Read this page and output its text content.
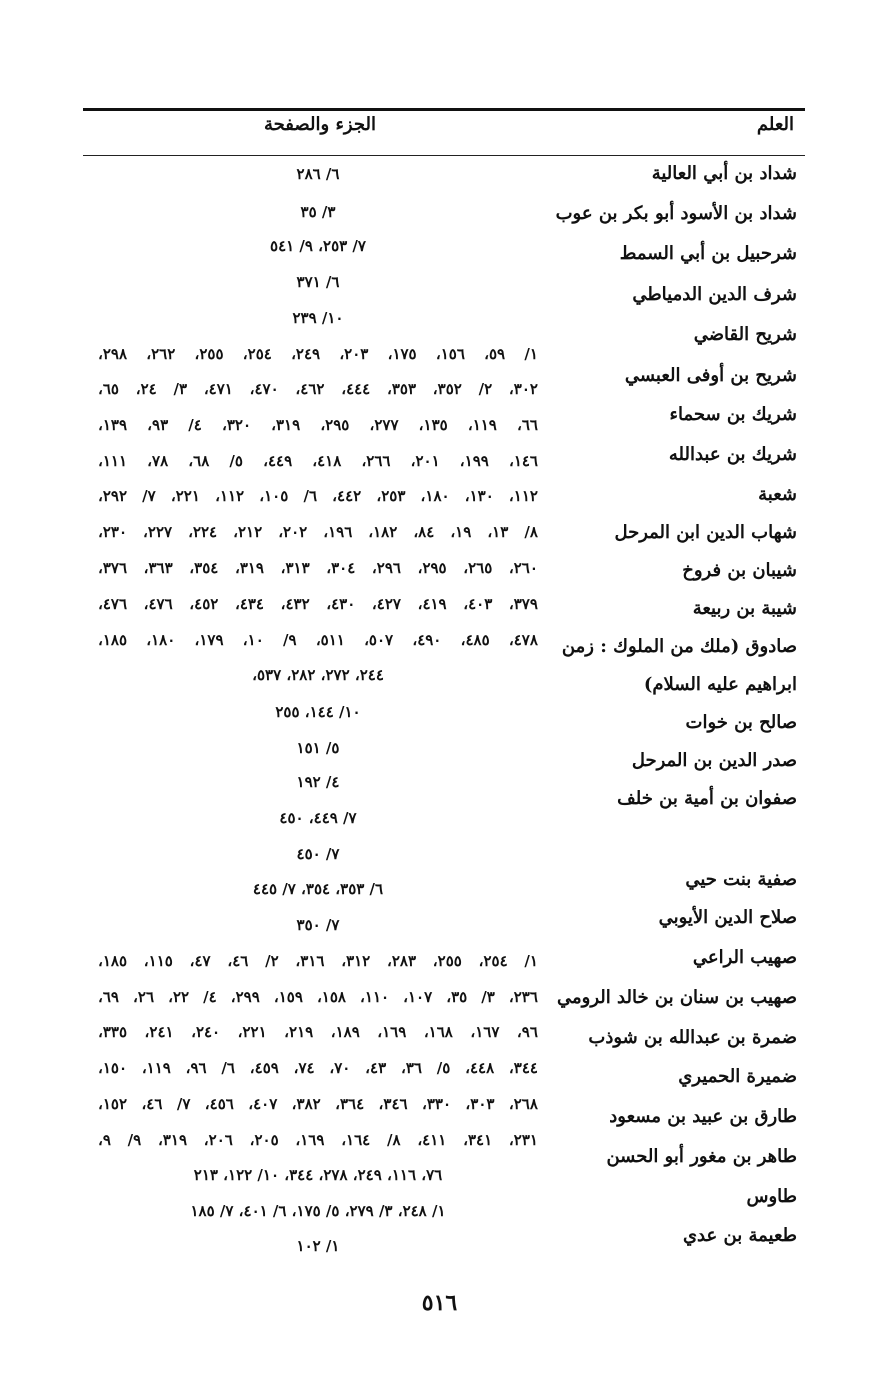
العلم
الجزء والصفحة
شداد بن أبي العالية
شداد بن الأسود أبو بكر بن عوب
شرحبيل بن أبي السمط
شرف الدين الدمياطي
شريح القاضي
شريح بن أوفى العبسي
شريك بن سحماء
شريك بن عبدالله
شعبة
شهاب الدين ابن المرحل
شيبان بن فروخ
شيبة بن ربيعة
صادوق (ملك من الملوك : زمن
ابراهيم عليه السلام)
صالح بن خوات
صدر الدين بن المرحل
صفوان بن أمية بن خلف
صفية بنت حيي
صلاح الدين الأيوبي
صهيب الراعي
صهيب بن سنان بن خالد الرومي
ضمرة بن عبدالله بن شوذب
ضميرة الحميري
طارق بن عبيد بن مسعود
طاهر بن مغور أبو الحسن
طاوس
طعيمة بن عدي
٦/ ٢٨٦
٣/ ٣٥
٧/ ٢٥٣، ٩/ ٥٤١
٦/ ٣٧١
١٠/ ٢٣٩
١/ ٥٩، ١٥٦، ١٧٥، ٢٠٣، ٢٤٩، ٢٥٤، ٢٥٥، ٢٦٢، ٢٩٨،
٣٠٢، ٢/ ٣٥٢، ٣٥٣، ٤٤٤، ٤٦٢، ٤٧٠، ٤٧١، ٣/ ٢٤، ٦٥،
٦٦، ١١٩، ١٣٥، ٢٧٧، ٢٩٥، ٣١٩، ٣٢٠، ٤/ ٩٣، ١٣٩،
١٤٦، ١٩٩، ٢٠١، ٢٦٦، ٤١٨، ٤٤٩، ٥/ ٦٨، ٧٨، ١١١،
١١٢، ١٣٠، ١٨٠، ٢٥٣، ٤٤٢، ٦/ ١٠٥، ١١٢، ٢٢١، ٧/ ٢٩٢،
٨/ ١٣، ١٩، ٨٤، ١٨٢، ١٩٦، ٢٠٢، ٢١٢، ٢٢٤، ٢٢٧، ٢٣٠،
٢٦٠، ٢٦٥، ٢٩٥، ٢٩٦، ٣٠٤، ٣١٣، ٣١٩، ٣٥٤، ٣٦٣، ٣٧٦،
٣٧٩، ٤٠٣، ٤١٩، ٤٢٧، ٤٣٠، ٤٣٢، ٤٣٤، ٤٥٢، ٤٧٦، ٤٧٦،
٤٧٨، ٤٨٥، ٤٩٠، ٥٠٧، ٥١١، ٩/ ١٠، ١٧٩، ١٨٠، ١٨٥،
٢٤٤، ٢٧٢، ٢٨٢، ٥٣٧،
١٠/ ١٤٤، ٢٥٥
٥/ ١٥١
٤/ ١٩٢
٧/ ٤٤٩، ٤٥٠
٧/ ٤٥٠
٦/ ٣٥٣، ٣٥٤، ٧/ ٤٤٥
٧/ ٣٥٠
١/ ٢٥٤، ٢٥٥، ٢٨٣، ٣١٢، ٣١٦، ٢/ ٤٦، ٤٧، ١١٥، ١٨٥،
٢٣٦، ٣/ ٣٥، ١٠٧، ١١٠، ١٥٨، ١٥٩، ٢٩٩، ٤/ ٢٢، ٢٦، ٦٩،
٩٦، ١٦٧، ١٦٨، ١٦٩، ١٨٩، ٢١٩، ٢٢١، ٢٤٠، ٢٤١، ٣٣٥،
٣٤٤، ٤٤٨، ٥/ ٣٦، ٤٣، ٧٠، ٧٤، ٤٥٩، ٦/ ٩٦، ١١٩، ١٥٠،
٢٦٨، ٣٠٣، ٣٣٠، ٣٤٦، ٣٦٤، ٣٨٢، ٤٠٧، ٤٥٦، ٧/ ٤٦، ١٥٢،
٢٣١، ٣٤١، ٤١١، ٨/ ١٦٤، ١٦٩، ٢٠٥، ٢٠٦، ٣١٩، ٩/ ٩،
٧٦، ١١٦، ٢٤٩، ٢٧٨، ٣٤٤، ١٠/ ١٢٢، ٢١٣
١/ ٢٤٨، ٣/ ٢٧٩، ٥/ ١٧٥، ٦/ ٤٠١، ٧/ ١٨٥
١/ ١٠٢
٥١٦
